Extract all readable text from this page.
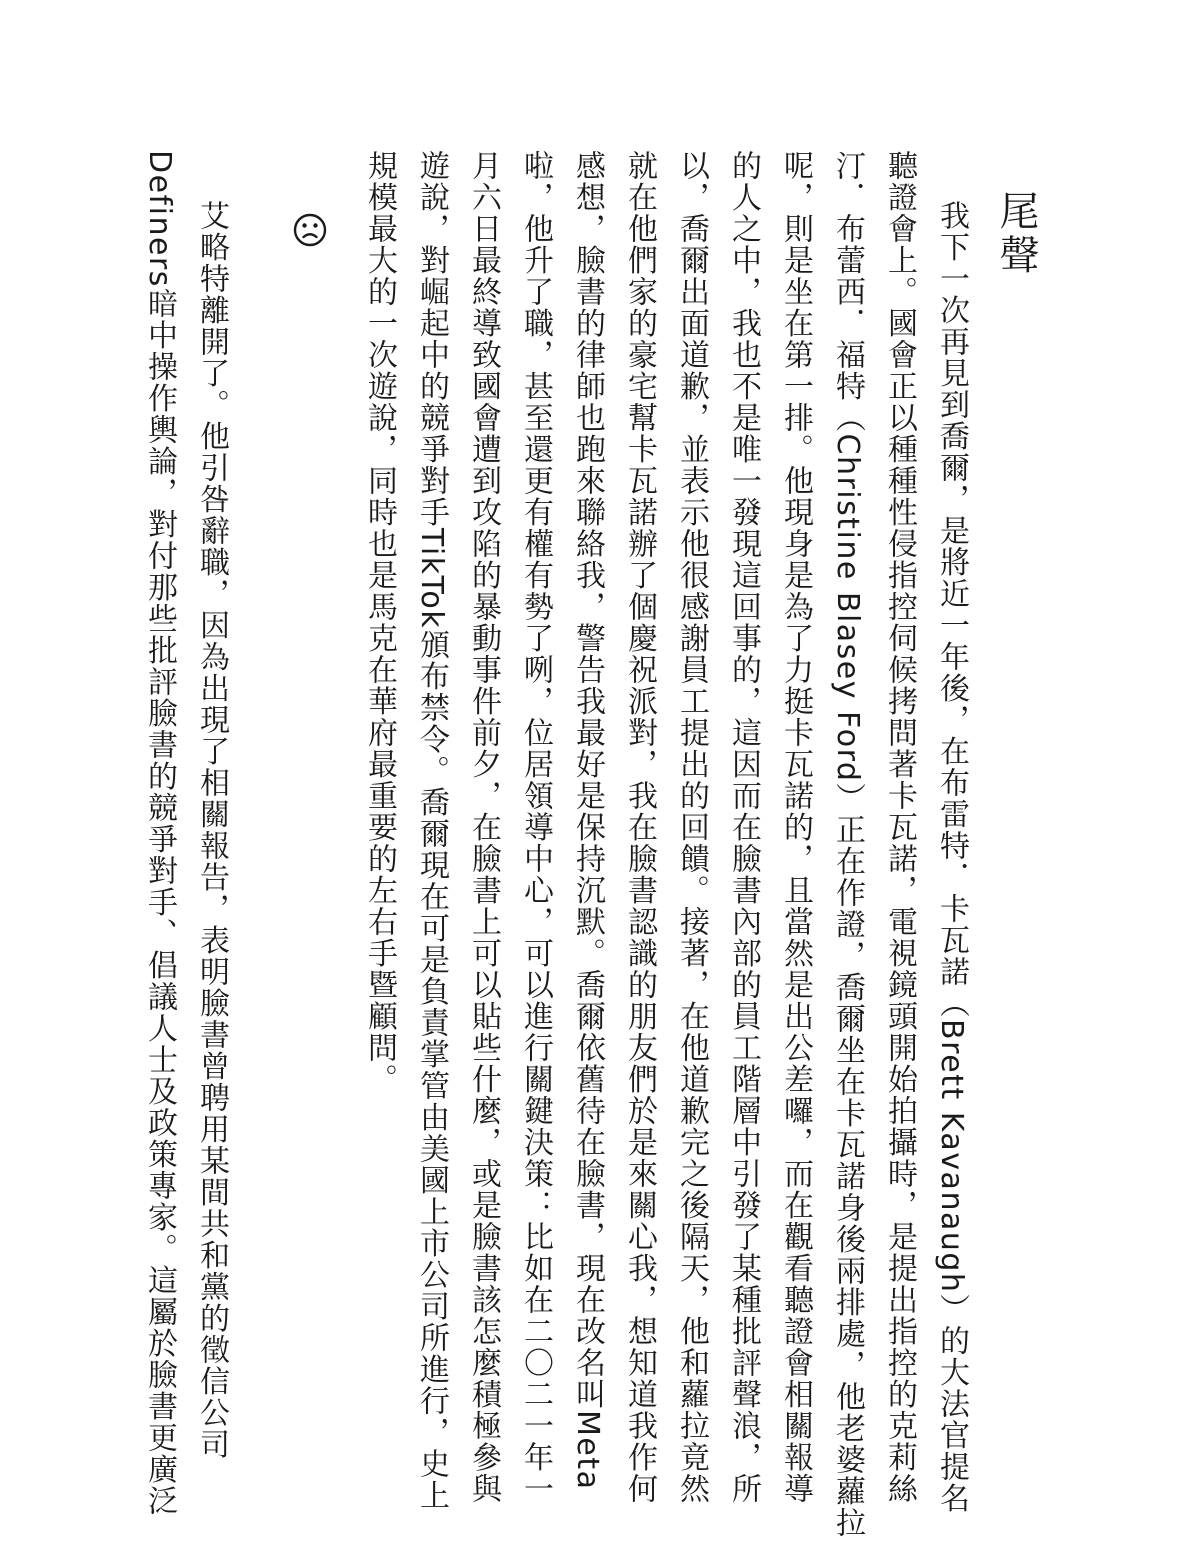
尾聲
我下一次再見到喬爾，是將近一年後，在布雷特．卡瓦諾（Brett Kavanaugh）的大法官提名
聽證會上。國會正以種種性侵指控伺候拷問著卡瓦諾，電視鏡頭開始拍攝時，是提出指控的克莉絲
汀．布蕾西．福特（Christine Blasey Ford）正在作證，喬爾坐在卡瓦諾身後兩排處，他老婆蘿拉
呢，則是坐在第一排。他現身是為了力挺卡瓦諾的，且當然是出公差囉，而在觀看聽證會相關報導
的人之中，我也不是唯一發現這回事的，這因而在臉書內部的員工階層中引發了某種批評聲浪，所
以，喬爾出面道歉，並表示他很感謝員工提出的回饋。接著，在他道歉完之後隔天，他和蘿拉竟然
就在他們家的豪宅幫卡瓦諾辦了個慶祝派對，我在臉書認識的朋友們於是來關心我，想知道我作何
感想，臉書的律師也跑來聯絡我，警告我最好是保持沉默。喬爾依舊待在臉書，現在改名叫Meta
啦，他升了職，甚至還更有權有勢了咧，位居領導中心，可以進行關鍵決策：比如在二〇二一年一
月六日最終導致國會遭到攻陷的暴動事件前夕，在臉書上可以貼些什麼，或是臉書該怎麼積極參與
遊說，對崛起中的競爭對手TikTok頒布禁令。喬爾現在可是負責掌管由美國上市公司所進行，史上
規模最大的一次遊說，同時也是馬克在華府最重要的左右手暨顧問。
艾略特離開了。他引咎辭職，因為出現了相關報告，表明臉書曾聘用某間共和黨的徵信公司
Definers暗中操作輿論，對付那些批評臉書的競爭對手、倡議人士及政策專家。這屬於臉書更廣泛
